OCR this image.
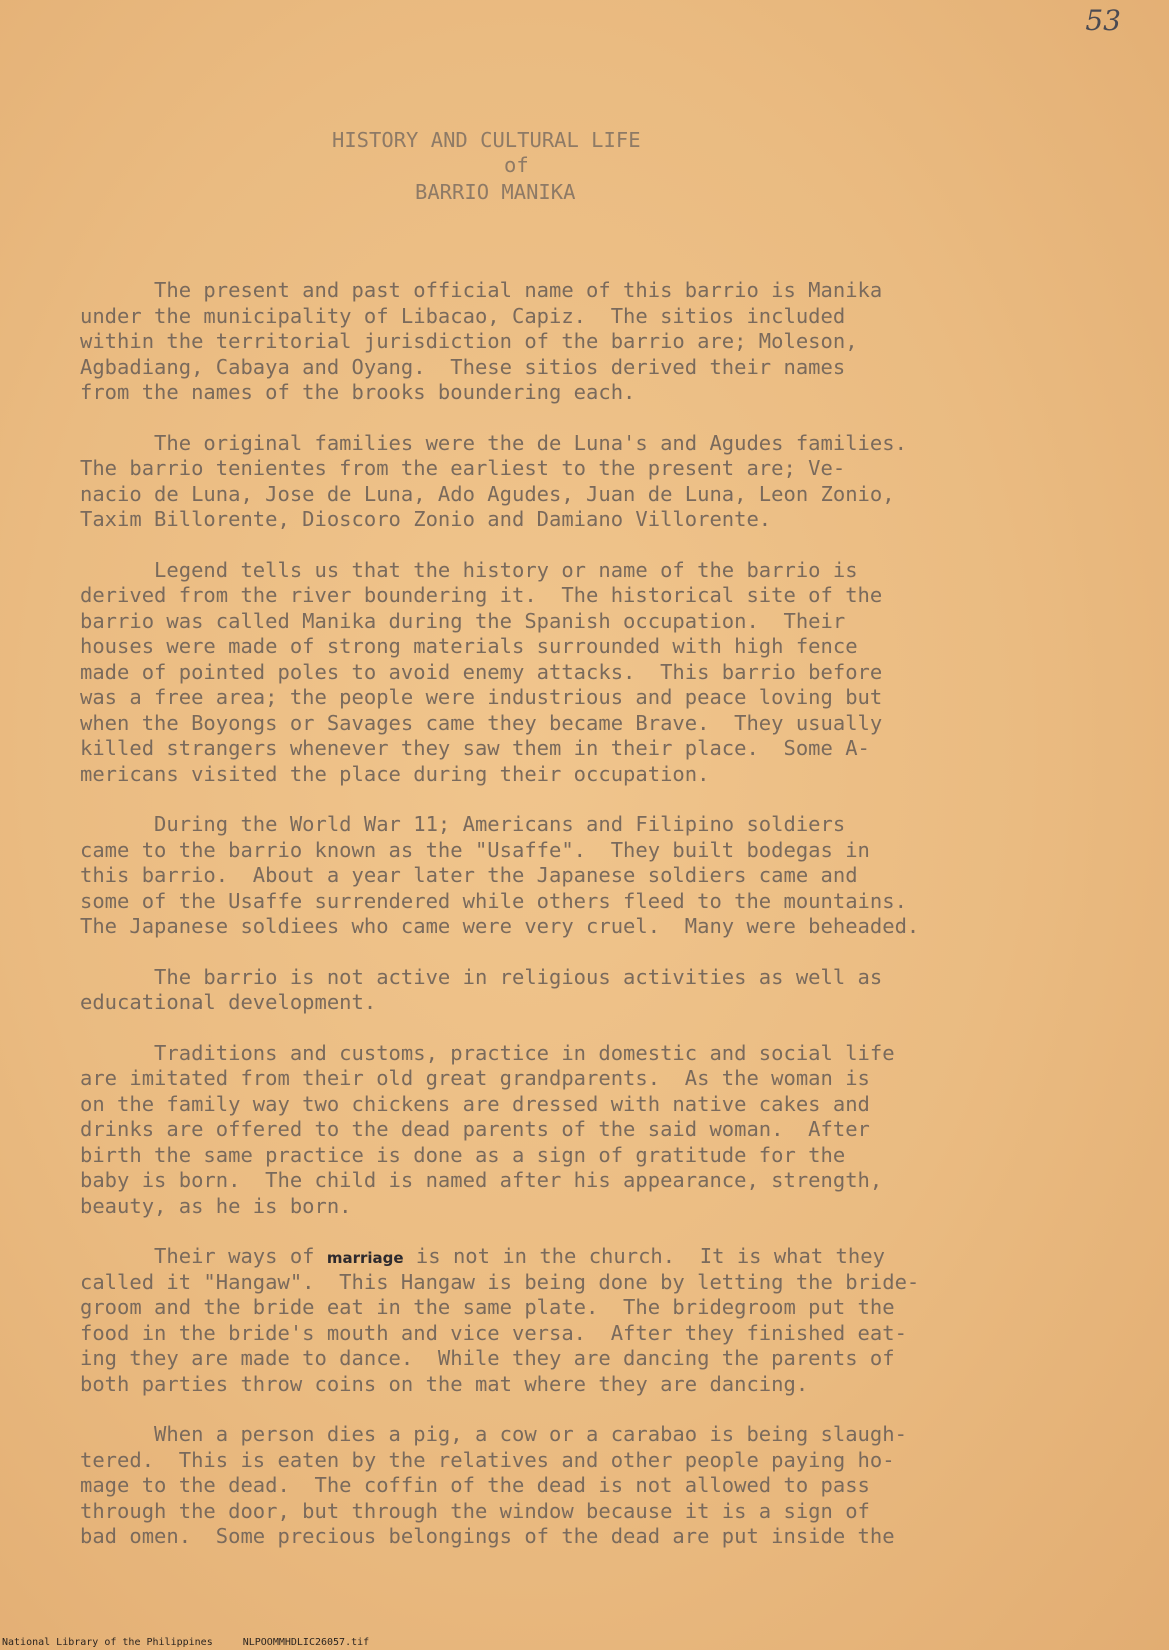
53
HISTORY AND CULTURAL LIFE
of
BARRIO MANIKA
The present and past official name of this barrio is Manika
under the municipality of Libacao, Capiz.  The sitios included
within the territorial jurisdiction of the barrio are; Moleson,
Agbadiang, Cabaya and Oyang.  These sitios derived their names
from the names of the brooks boundering each.
The original families were the de Luna's and Agudes families.
The barrio tenientes from the earliest to the present are; Ve-
nacio de Luna, Jose de Luna, Ado Agudes, Juan de Luna, Leon Zonio,
Taxim Billorente, Dioscoro Zonio and Damiano Villorente.
Legend tells us that the history or name of the barrio is
derived from the river boundering it.  The historical site of the
barrio was called Manika during the Spanish occupation.  Their
houses were made of strong materials surrounded with high fence
made of pointed poles to avoid enemy attacks.  This barrio before
was a free area; the people were industrious and peace loving but
when the Boyongs or Savages came they became Brave.  They usually
killed strangers whenever they saw them in their place.  Some A-
mericans visited the place during their occupation.
During the World War 11; Americans and Filipino soldiers
came to the barrio known as the "Usaffe".  They built bodegas in
this barrio.  About a year later the Japanese soldiers came and
some of the Usaffe surrendered while others fleed to the mountains.
The Japanese soldiees who came were very cruel.  Many were beheaded.
The barrio is not active in religious activities as well as
educational development.
Traditions and customs, practice in domestic and social life
are imitated from their old great grandparents.  As the woman is
on the family way two chickens are dressed with native cakes and
drinks are offered to the dead parents of the said woman.  After
birth the same practice is done as a sign of gratitude for the
baby is born.  The child is named after his appearance, strength,
beauty, as he is born.
Their ways of marriage is not in the church.  It is what they
called it "Hangaw".  This Hangaw is being done by letting the bride-
groom and the bride eat in the same plate.  The bridegroom put the
food in the bride's mouth and vice versa.  After they finished eat-
ing they are made to dance.  While they are dancing the parents of
both parties throw coins on the mat where they are dancing.
When a person dies a pig, a cow or a carabao is being slaugh-
tered.  This is eaten by the relatives and other people paying ho-
mage to the dead.  The coffin of the dead is not allowed to pass
through the door, but through the window because it is a sign of
bad omen.  Some precious belongings of the dead are put inside the
National Library of the Philippines	NLPOOMMHDLIC26057.tif
